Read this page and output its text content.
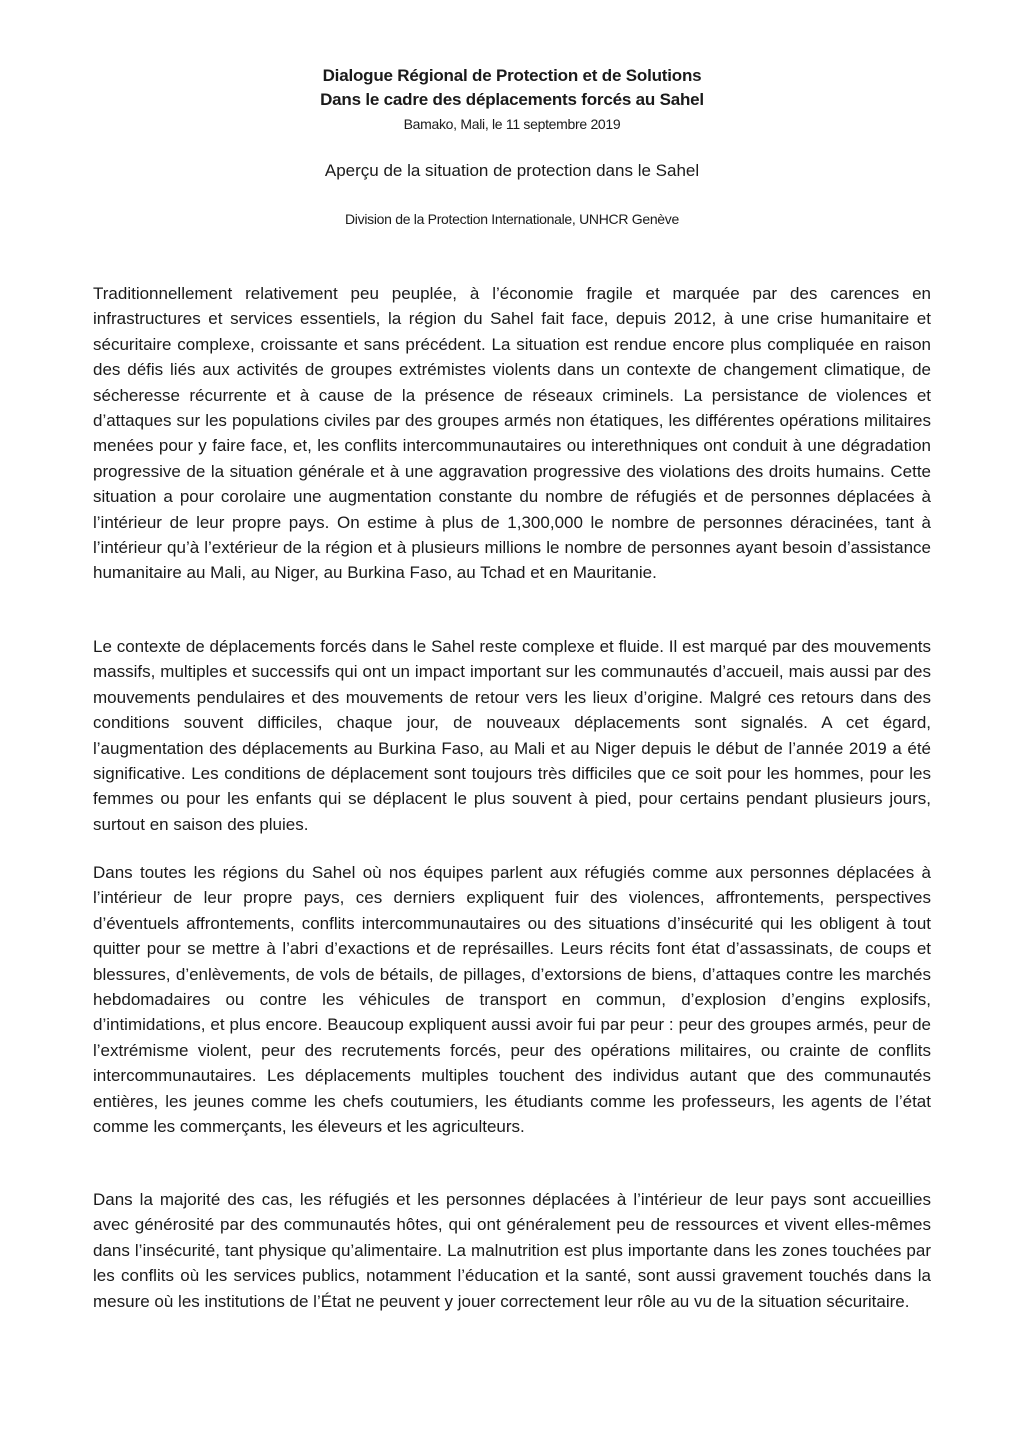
Dialogue Régional de Protection et de Solutions
Dans le cadre des déplacements forcés au Sahel
Bamako, Mali, le 11 septembre 2019
Aperçu de la situation de protection dans le Sahel
Division de la Protection Internationale, UNHCR Genève

Traditionnellement relativement peu peuplée, à l’économie fragile et marquée par des carences en infrastructures et services essentiels, la région du Sahel fait face, depuis 2012, à une crise humanitaire et sécuritaire complexe, croissante et sans précédent. La situation est rendue encore plus compliquée en raison des défis liés aux activités de groupes extrémistes violents dans un contexte de changement climatique, de sécheresse récurrente et à cause de la présence de réseaux criminels. La persistance de violences et d’attaques sur les populations civiles par des groupes armés non étatiques, les différentes opérations militaires menées pour y faire face, et, les conflits intercommunautaires ou interethniques ont conduit à une dégradation progressive de la situation générale et à une aggravation progressive des violations des droits humains. Cette situation a pour corolaire une augmentation constante du nombre de réfugiés et de personnes déplacées à l’intérieur de leur propre pays. On estime à plus de 1,300,000 le nombre de personnes déracinées, tant à l’intérieur qu’à l’extérieur de la région et à plusieurs millions le nombre de personnes ayant besoin d’assistance humanitaire au Mali, au Niger, au Burkina Faso, au Tchad et en Mauritanie.

Le contexte de déplacements forcés dans le Sahel reste complexe et fluide. Il est marqué par des mouvements massifs, multiples et successifs qui ont un impact important sur les communautés d’accueil, mais aussi par des mouvements pendulaires et des mouvements de retour vers les lieux d’origine. Malgré ces retours dans des conditions souvent difficiles, chaque jour, de nouveaux déplacements sont signalés. A cet égard, l’augmentation des déplacements au Burkina Faso, au Mali et au Niger depuis le début de l’année 2019 a été significative. Les conditions de déplacement sont toujours très difficiles que ce soit pour les hommes, pour les femmes ou pour les enfants qui se déplacent le plus souvent à pied, pour certains pendant plusieurs jours, surtout en saison des pluies.

Dans toutes les régions du Sahel où nos équipes parlent aux réfugiés comme aux personnes déplacées à l’intérieur de leur propre pays, ces derniers expliquent fuir des violences, affrontements, perspectives d’éventuels affrontements, conflits intercommunautaires ou des situations d’insécurité qui les obligent à tout quitter pour se mettre à l’abri d’exactions et de représailles. Leurs récits font état d’assassinats, de coups et blessures, d’enlèvements, de vols de bétails, de pillages, d’extorsions de biens, d’attaques contre les marchés hebdomadaires ou contre les véhicules de transport en commun, d’explosion d’engins explosifs, d’intimidations, et plus encore. Beaucoup expliquent aussi avoir fui par peur : peur des groupes armés, peur de l’extrémisme violent, peur des recrutements forcés, peur des opérations militaires, ou crainte de conflits intercommunautaires. Les déplacements multiples touchent des individus autant que des communautés entières, les jeunes comme les chefs coutumiers, les étudiants comme les professeurs, les agents de l’état comme les commerçants, les éleveurs et les agriculteurs.

Dans la majorité des cas, les réfugiés et les personnes déplacées à l’intérieur de leur pays sont accueillies avec générosité par des communautés hôtes, qui ont généralement peu de ressources et vivent elles-mêmes dans l’insécurité, tant physique qu’alimentaire. La malnutrition est plus importante dans les zones touchées par les conflits où les services publics, notamment l’éducation et la santé, sont aussi gravement touchés dans la mesure où les institutions de l’État ne peuvent y jouer correctement leur rôle au vu de la situation sécuritaire.
